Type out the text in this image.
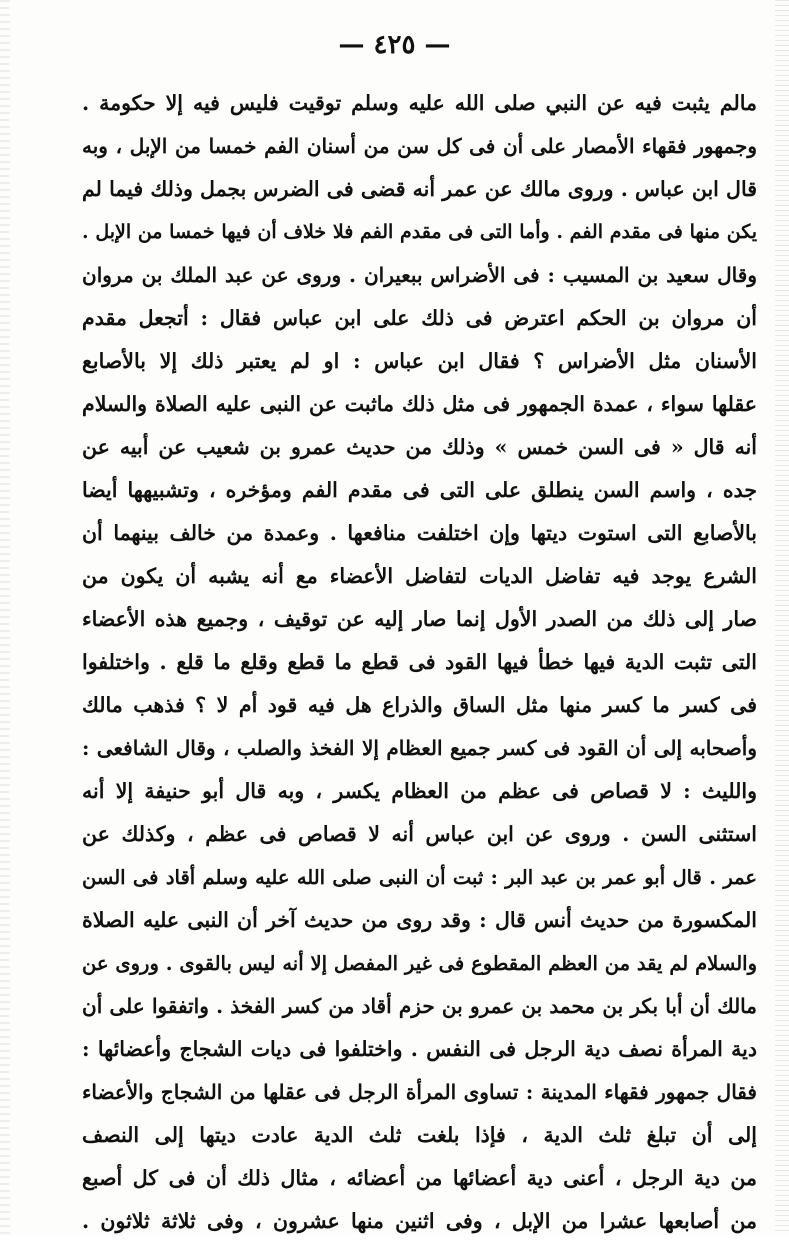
— ٤٢٥ —
مالم يثبت فيه عن النبي صلى الله عليه وسلم توقيت فليس فيه إلا حكومة .
وجمهور فقهاء الأمصار على أن فى كل سن من أسنان الفم خمسا من الإبل ، وبه
قال ابن عباس . وروى مالك عن عمر أنه قضى فى الضرس بجمل وذلك فيما لم
يكن منها فى مقدم الفم . وأما التى فى مقدم الفم فلا خلاف أن فيها خمسا من الإبل .
وقال سعيد بن المسيب : فى الأضراس ببعيران . وروى عن عبد الملك بن مروان
أن مروان بن الحكم اعترض فى ذلك على ابن عباس فقال : أتجعل مقدم
الأسنان مثل الأضراس ؟ فقال ابن عباس : او لم يعتبر ذلك إلا بالأصابع
عقلها سواء ، عمدة الجمهور فى مثل ذلك ماثبت عن النبى عليه الصلاة والسلام
أنه قال « فى السن خمس » وذلك من حديث عمرو بن شعيب عن أبيه عن
جده ، واسم السن ينطلق على التى فى مقدم الفم ومؤخره ، وتشبيهها أيضا
بالأصابع التى استوت ديتها وإن اختلفت منافعها . وعمدة من خالف بينهما أن
الشرع يوجد فيه تفاضل الديات لتفاضل الأعضاء مع أنه يشبه أن يكون من
صار إلى ذلك من الصدر الأول إنما صار إليه عن توقيف ، وجميع هذه الأعضاء
التى تثبت الدية فيها خطأ فيها القود فى قطع ما قطع وقلع ما قلع . واختلفوا
فى كسر ما كسر منها مثل الساق والذراع هل فيه قود أم لا ؟ فذهب مالك
وأصحابه إلى أن القود فى كسر جميع العظام إلا الفخذ والصلب ، وقال الشافعى :
والليث : لا قصاص فى عظم من العظام يكسر ، وبه قال أبو حنيفة إلا أنه
استثنى السن . وروى عن ابن عباس أنه لا قصاص فى عظم ، وكذلك عن
عمر . قال أبو عمر بن عبد البر : ثبت أن النبى صلى الله عليه وسلم أقاد فى السن
المكسورة من حديث أنس قال : وقد روى من حديث آخر أن النبى عليه الصلاة
والسلام لم يقد من العظم المقطوع فى غير المفصل إلا أنه ليس بالقوى . وروى عن
مالك أن أبا بكر بن محمد بن عمرو بن حزم أقاد من كسر الفخذ . واتفقوا على أن
دية المرأة نصف دية الرجل فى النفس . واختلفوا فى ديات الشجاج وأعضائها :
فقال جمهور فقهاء المدينة : تساوى المرأة الرجل فى عقلها من الشجاج والأعضاء
إلى أن تبلغ ثلث الدية ، فإذا بلغت ثلث الدية عادت ديتها إلى النصف
من دية الرجل ، أعنى دية أعضائها من أعضائه ، مثال ذلك أن فى كل أصبع
من أصابعها عشرا من الإبل ، وفى اثنين منها عشرون ، وفى ثلاثة ثلاثون .
